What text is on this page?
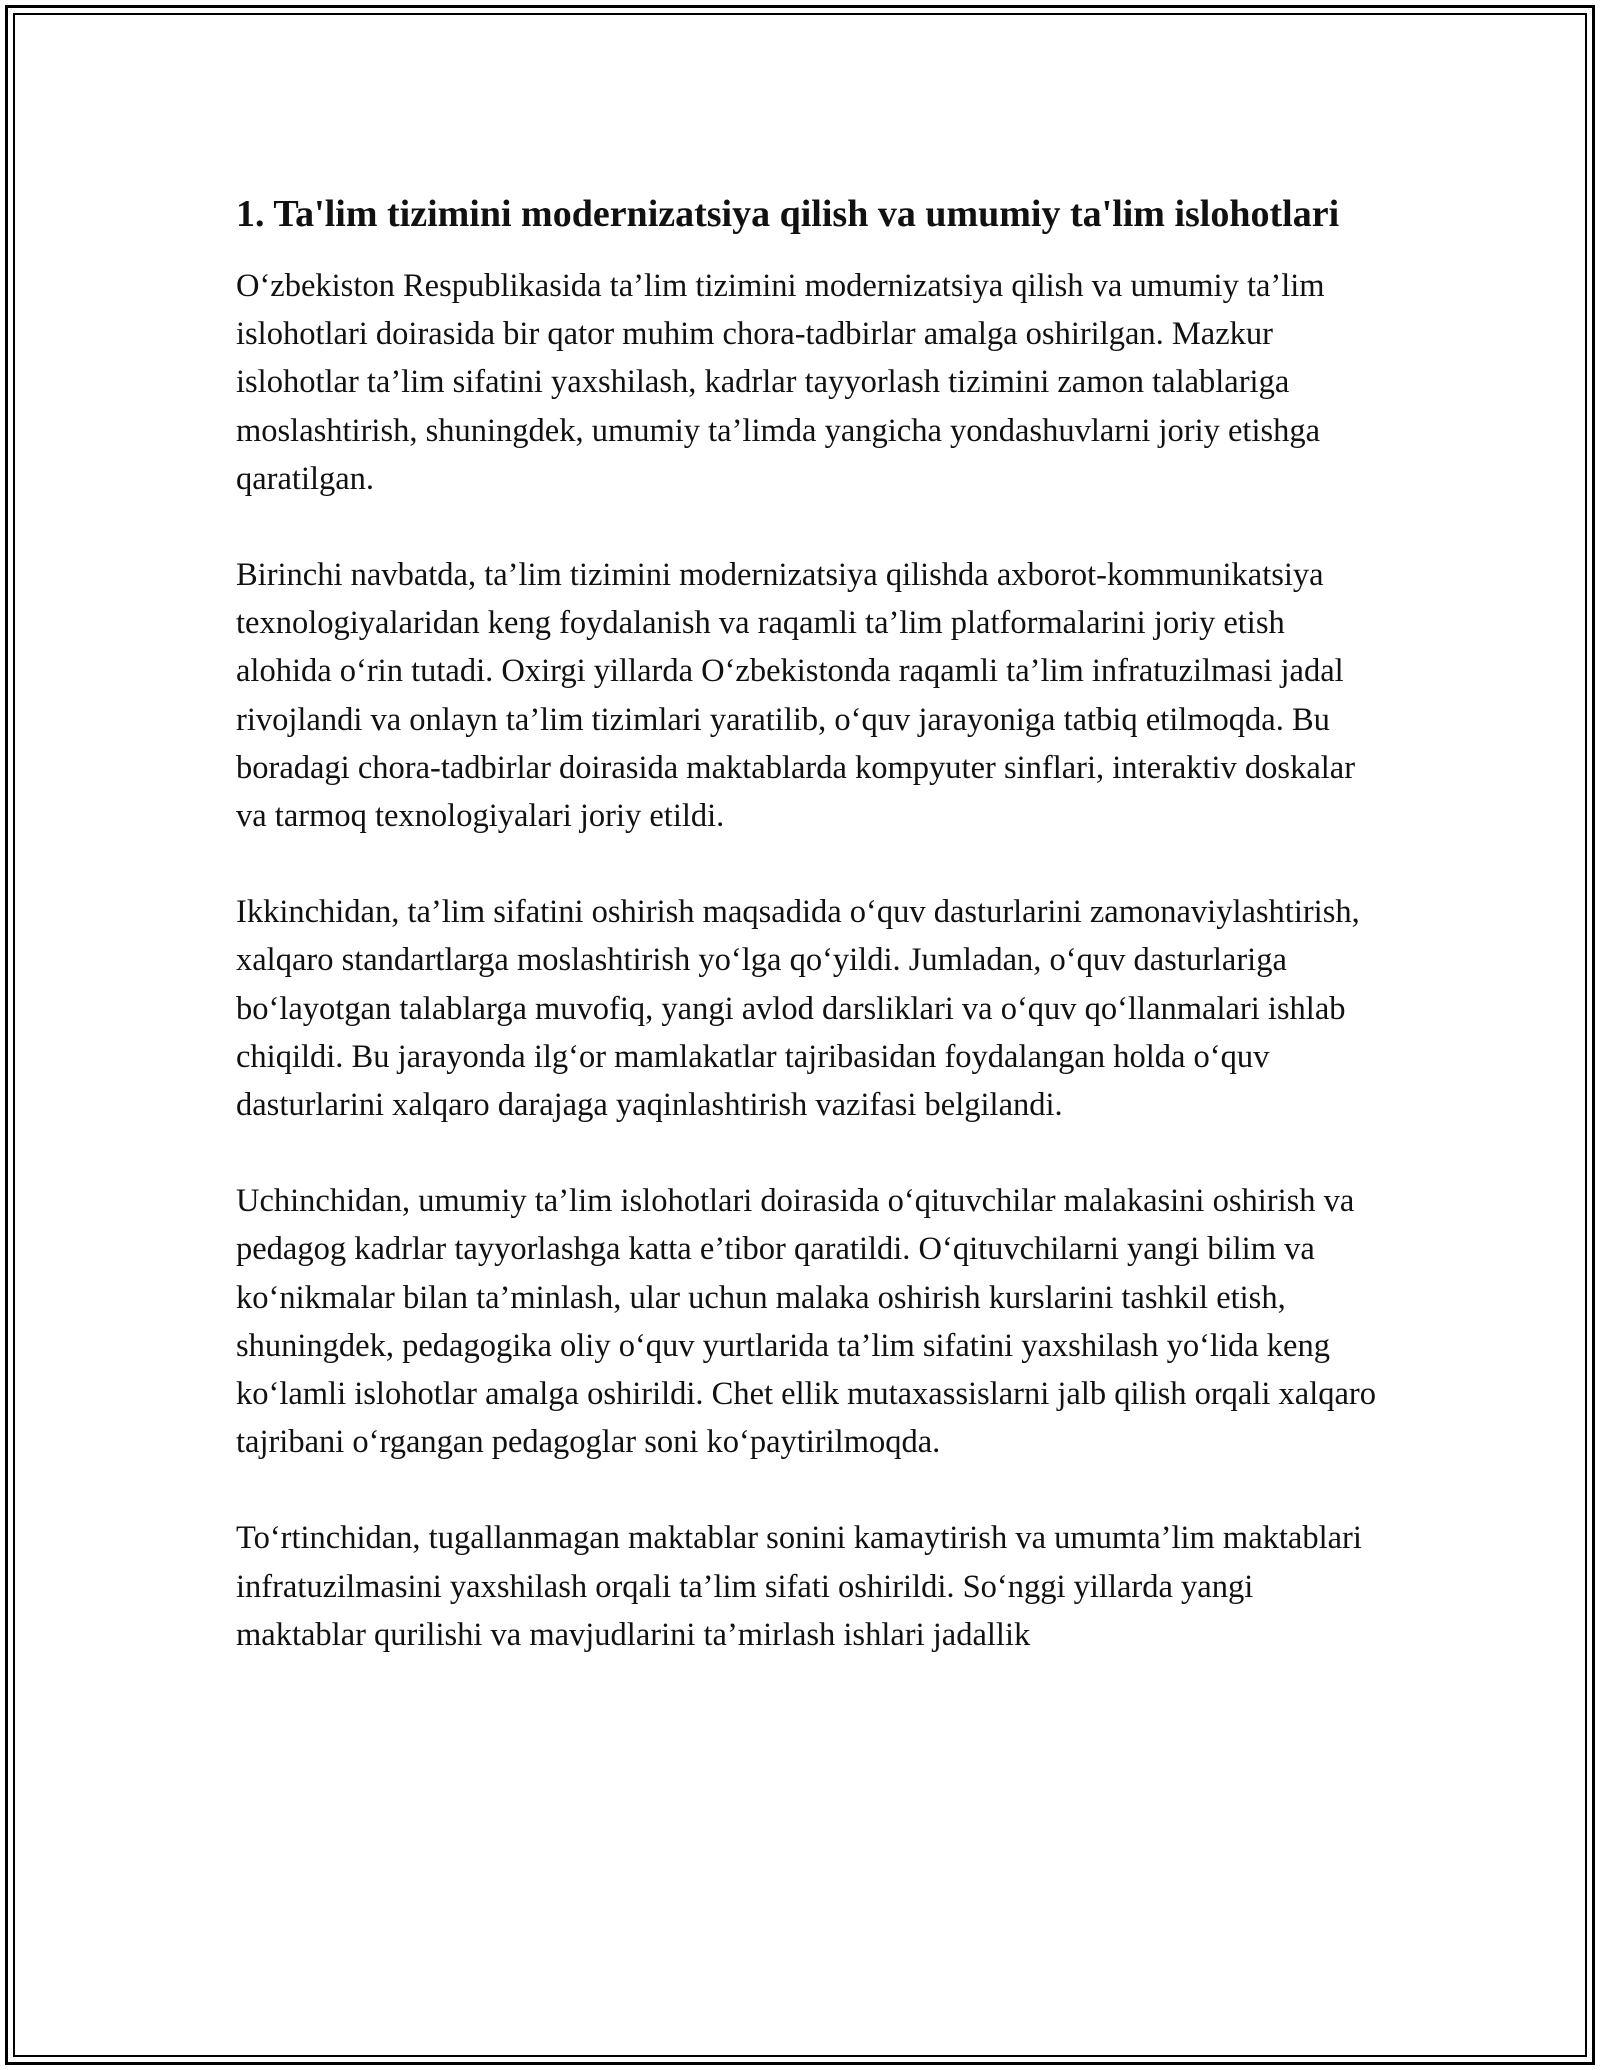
1. Ta'lim tizimini modernizatsiya qilish va umumiy ta'lim islohotlari

O‘zbekiston Respublikasida ta’lim tizimini modernizatsiya qilish va umumiy ta’lim islohotlari doirasida bir qator muhim chora-tadbirlar amalga oshirilgan. Mazkur islohotlar ta’lim sifatini yaxshilash, kadrlar tayyorlash tizimini zamon talablariga moslashtirish, shuningdek, umumiy ta’limda yangicha yondashuvlarni joriy etishga qaratilgan.

Birinchi navbatda, ta’lim tizimini modernizatsiya qilishda axborot-kommunikatsiya texnologiyalaridan keng foydalanish va raqamli ta’lim platformalarini joriy etish alohida o‘rin tutadi. Oxirgi yillarda O‘zbekistonda raqamli ta’lim infratuzilmasi jadal rivojlandi va onlayn ta’lim tizimlari yaratilib, o‘quv jarayoniga tatbiq etilmoqda. Bu boradagi chora-tadbirlar doirasida maktablarda kompyuter sinflari, interaktiv doskalar va tarmoq texnologiyalari joriy etildi.

Ikkinchidan, ta’lim sifatini oshirish maqsadida o‘quv dasturlarini zamonaviylashtirish, xalqaro standartlarga moslashtirish yo‘lga qo‘yildi. Jumladan, o‘quv dasturlariga bo‘layotgan talablarga muvofiq, yangi avlod darsliklari va o‘quv qo‘llanmalari ishlab chiqildi. Bu jarayonda ilg‘or mamlakatlar tajribasidan foydalangan holda o‘quv dasturlarini xalqaro darajaga yaqinlashtirish vazifasi belgilandi.

Uchinchidan, umumiy ta’lim islohotlari doirasida o‘qituvchilar malakasini oshirish va pedagog kadrlar tayyorlashga katta e’tibor qaratildi. O‘qituvchilarni yangi bilim va ko‘nikmalar bilan ta’minlash, ular uchun malaka oshirish kurslarini tashkil etish, shuningdek, pedagogika oliy o‘quv yurtlarida ta’lim sifatini yaxshilash yo‘lida keng ko‘lamli islohotlar amalga oshirildi. Chet ellik mutaxassislarni jalb qilish orqali xalqaro tajribani o‘rgangan pedagoglar soni ko‘paytirilmoqda.

To‘rtinchidan, tugallanmagan maktablar sonini kamaytirish va umumta’lim maktablari infratuzilmasini yaxshilash orqali ta’lim sifati oshirildi. So‘nggi yillarda yangi maktablar qurilishi va mavjudlarini ta’mirlash ishlari jadallik
